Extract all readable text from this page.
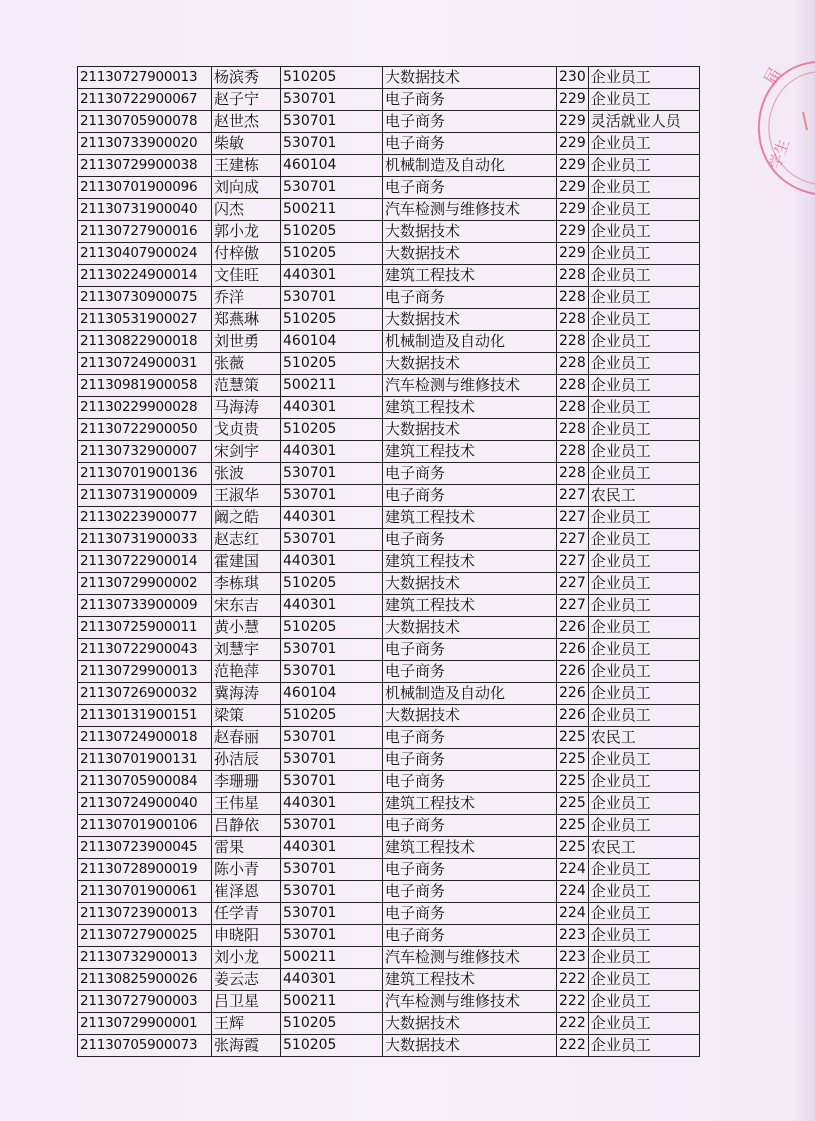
届
学生
21130727900013	杨滨秀	510205	大数据技术	230	企业员工
21130722900067	赵子宁	530701	电子商务	229	企业员工
21130705900078	赵世杰	530701	电子商务	229	灵活就业人员
21130733900020	柴敏	530701	电子商务	229	企业员工
21130729900038	王建栋	460104	机械制造及自动化	229	企业员工
21130701900096	刘向成	530701	电子商务	229	企业员工
21130731900040	闪杰	500211	汽车检测与维修技术	229	企业员工
21130727900016	郭小龙	510205	大数据技术	229	企业员工
21130407900024	付梓傲	510205	大数据技术	229	企业员工
21130224900014	文佳旺	440301	建筑工程技术	228	企业员工
21130730900075	乔洋	530701	电子商务	228	企业员工
21130531900027	郑燕琳	510205	大数据技术	228	企业员工
21130822900018	刘世勇	460104	机械制造及自动化	228	企业员工
21130724900031	张薇	510205	大数据技术	228	企业员工
21130981900058	范慧策	500211	汽车检测与维修技术	228	企业员工
21130229900028	马海涛	440301	建筑工程技术	228	企业员工
21130722900050	戈贞贵	510205	大数据技术	228	企业员工
21130732900007	宋剑宇	440301	建筑工程技术	228	企业员工
21130701900136	张波	530701	电子商务	228	企业员工
21130731900009	王淑华	530701	电子商务	227	农民工
21130223900077	阚之皓	440301	建筑工程技术	227	企业员工
21130731900033	赵志红	530701	电子商务	227	企业员工
21130722900014	霍建国	440301	建筑工程技术	227	企业员工
21130729900002	李栋琪	510205	大数据技术	227	企业员工
21130733900009	宋东吉	440301	建筑工程技术	227	企业员工
21130725900011	黄小慧	510205	大数据技术	226	企业员工
21130722900043	刘慧宇	530701	电子商务	226	企业员工
21130729900013	范艳萍	530701	电子商务	226	企业员工
21130726900032	冀海涛	460104	机械制造及自动化	226	企业员工
21130131900151	梁策	510205	大数据技术	226	企业员工
21130724900018	赵春丽	530701	电子商务	225	农民工
21130701900131	孙洁辰	530701	电子商务	225	企业员工
21130705900084	李珊珊	530701	电子商务	225	企业员工
21130724900040	王伟星	440301	建筑工程技术	225	企业员工
21130701900106	吕静依	530701	电子商务	225	企业员工
21130723900045	雷果	440301	建筑工程技术	225	农民工
21130728900019	陈小青	530701	电子商务	224	企业员工
21130701900061	崔泽恩	530701	电子商务	224	企业员工
21130723900013	任学青	530701	电子商务	224	企业员工
21130727900025	申晓阳	530701	电子商务	223	企业员工
21130732900013	刘小龙	500211	汽车检测与维修技术	223	企业员工
21130825900026	姜云志	440301	建筑工程技术	222	企业员工
21130727900003	吕卫星	500211	汽车检测与维修技术	222	企业员工
21130729900001	王辉	510205	大数据技术	222	企业员工
21130705900073	张海霞	510205	大数据技术	222	企业员工
